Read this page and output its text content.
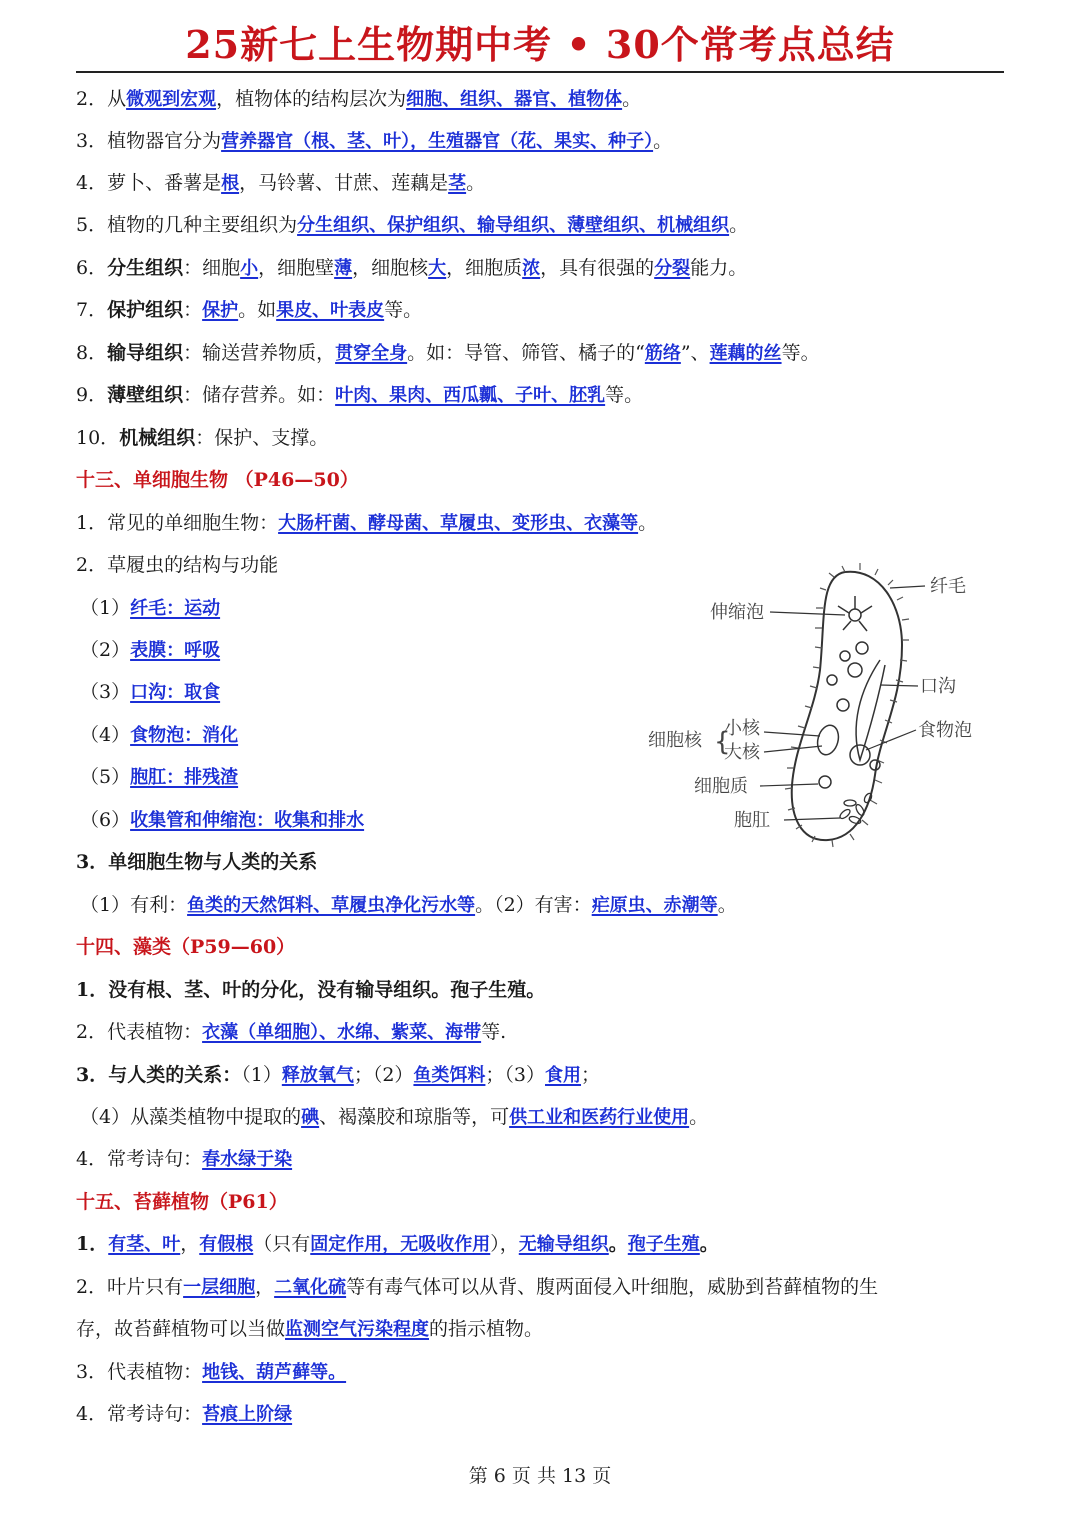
25新七上生物期中考 • 30个常考点总结
2．从微观到宏观，植物体的结构层次为细胞、组织、器官、植物体。
3．植物器官分为营养器官（根、茎、叶），生殖器官（花、果实、种子）。
4．萝卜、番薯是根，马铃薯、甘蔗、莲藕是茎。
5．植物的几种主要组织为分生组织、保护组织、输导组织、薄壁组织、机械组织。
6．分生组织：细胞小，细胞壁薄，细胞核大，细胞质浓，具有很强的分裂能力。
7．保护组织：保护。如果皮、叶表皮等。
8．输导组织：输送营养物质，贯穿全身。如：导管、筛管、橘子的“筋络”、莲藕的丝等。
9．薄壁组织：储存营养。如：叶肉、果肉、西瓜瓤、子叶、胚乳等。
10．机械组织：保护、支撑。
十三、单细胞生物 （P46—50）
1．常见的单细胞生物：大肠杆菌、酵母菌、草履虫、变形虫、衣藻等。
2．草履虫的结构与功能
（1）纤毛：运动
（2）表膜：呼吸
（3）口沟：取食
（4）食物泡：消化
（5）胞肛：排残渣
（6）收集管和伸缩泡：收集和排水
3．单细胞生物与人类的关系
（1）有利：鱼类的天然饵料、草履虫净化污水等。（2）有害：疟原虫、赤潮等。
十四、藻类（P59—60）
1．没有根、茎、叶的分化，没有输导组织。孢子生殖。
2．代表植物：衣藻（单细胞）、水绵、紫菜、海带等.
3．与人类的关系：（1）释放氧气；（2）鱼类饵料；（3）食用；
（4）从藻类植物中提取的碘、褐藻胶和琼脂等，可供工业和医药行业使用。
4．常考诗句：春水绿于染
十五、苔藓植物（P61）
1．有茎、叶，有假根（只有固定作用，无吸收作用），无输导组织。孢子生殖。
2．叶片只有一层细胞，二氧化硫等有毒气体可以从背、腹两面侵入叶细胞，威胁到苔藓植物的生
存，故苔藓植物可以当做监测空气污染程度的指示植物。
3．代表植物：地钱、葫芦藓等。
4．常考诗句：苔痕上阶绿
纤毛
伸缩泡
口沟
细胞核 {
小核
大核
食物泡
细胞质
胞肛
第 6 页 共 13 页
